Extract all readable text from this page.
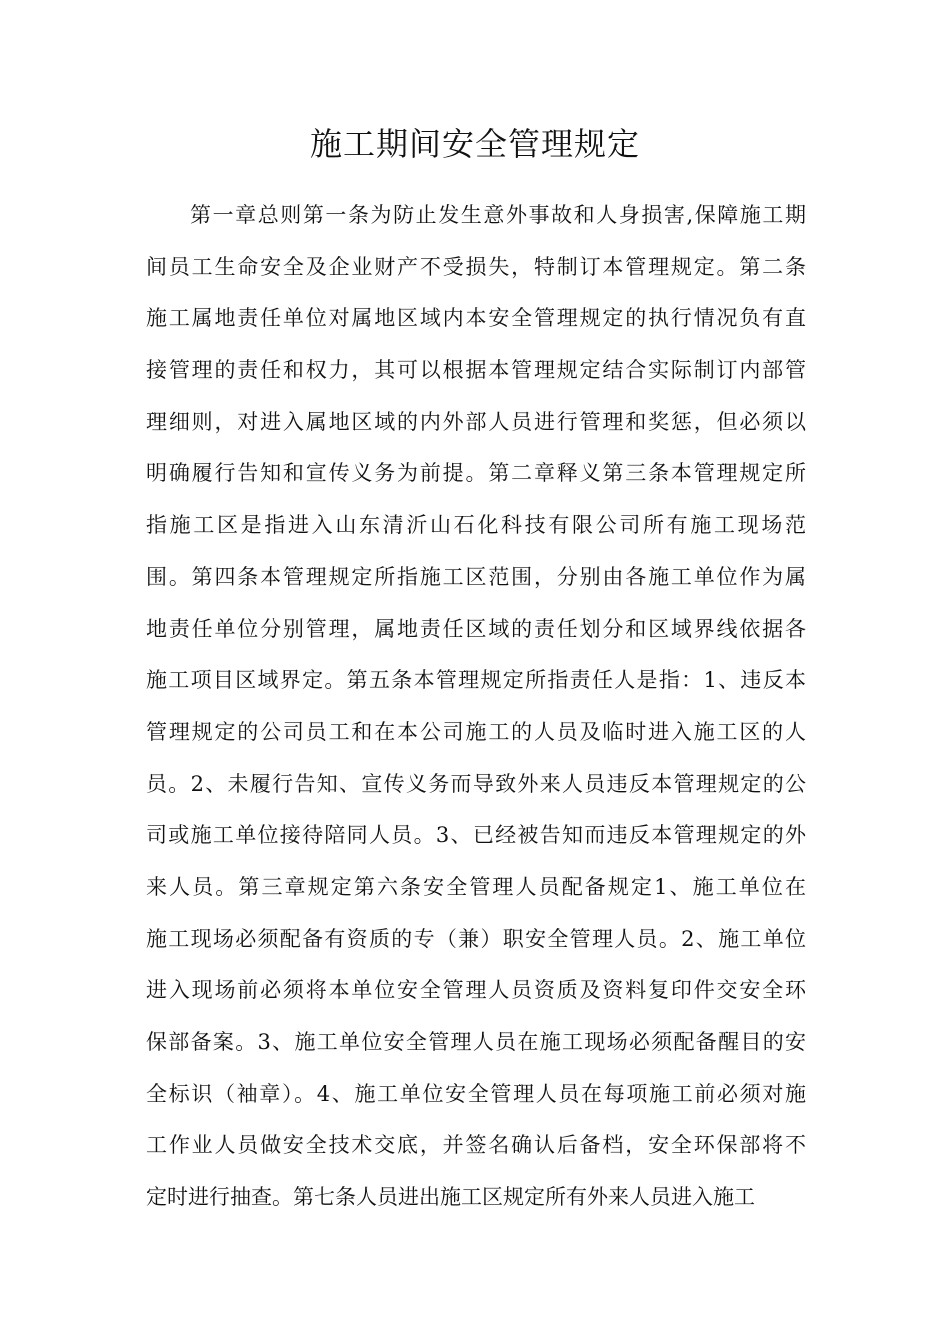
施工期间安全管理规定
第一章总则第一条为防止发生意外事故和人身损害,保障施工期
间员工生命安全及企业财产不受损失，特制订本管理规定。第二条
施工属地责任单位对属地区域内本安全管理规定的执行情况负有直
接管理的责任和权力，其可以根据本管理规定结合实际制订内部管
理细则，对进入属地区域的内外部人员进行管理和奖惩，但必须以
明确履行告知和宣传义务为前提。第二章释义第三条本管理规定所
指施工区是指进入山东清沂山石化科技有限公司所有施工现场范
围。第四条本管理规定所指施工区范围，分别由各施工单位作为属
地责任单位分别管理，属地责任区域的责任划分和区域界线依据各
施工项目区域界定。第五条本管理规定所指责任人是指：1、违反本
管理规定的公司员工和在本公司施工的人员及临时进入施工区的人
员。2、未履行告知、宣传义务而导致外来人员违反本管理规定的公
司或施工单位接待陪同人员。3、已经被告知而违反本管理规定的外
来人员。第三章规定第六条安全管理人员配备规定1、施工单位在
施工现场必须配备有资质的专（兼）职安全管理人员。2、施工单位
进入现场前必须将本单位安全管理人员资质及资料复印件交安全环
保部备案。3、施工单位安全管理人员在施工现场必须配备醒目的安
全标识（袖章）。4、施工单位安全管理人员在每项施工前必须对施
工作业人员做安全技术交底，并签名确认后备档，安全环保部将不
定时进行抽查。第七条人员进出施工区规定所有外来人员进入施工
